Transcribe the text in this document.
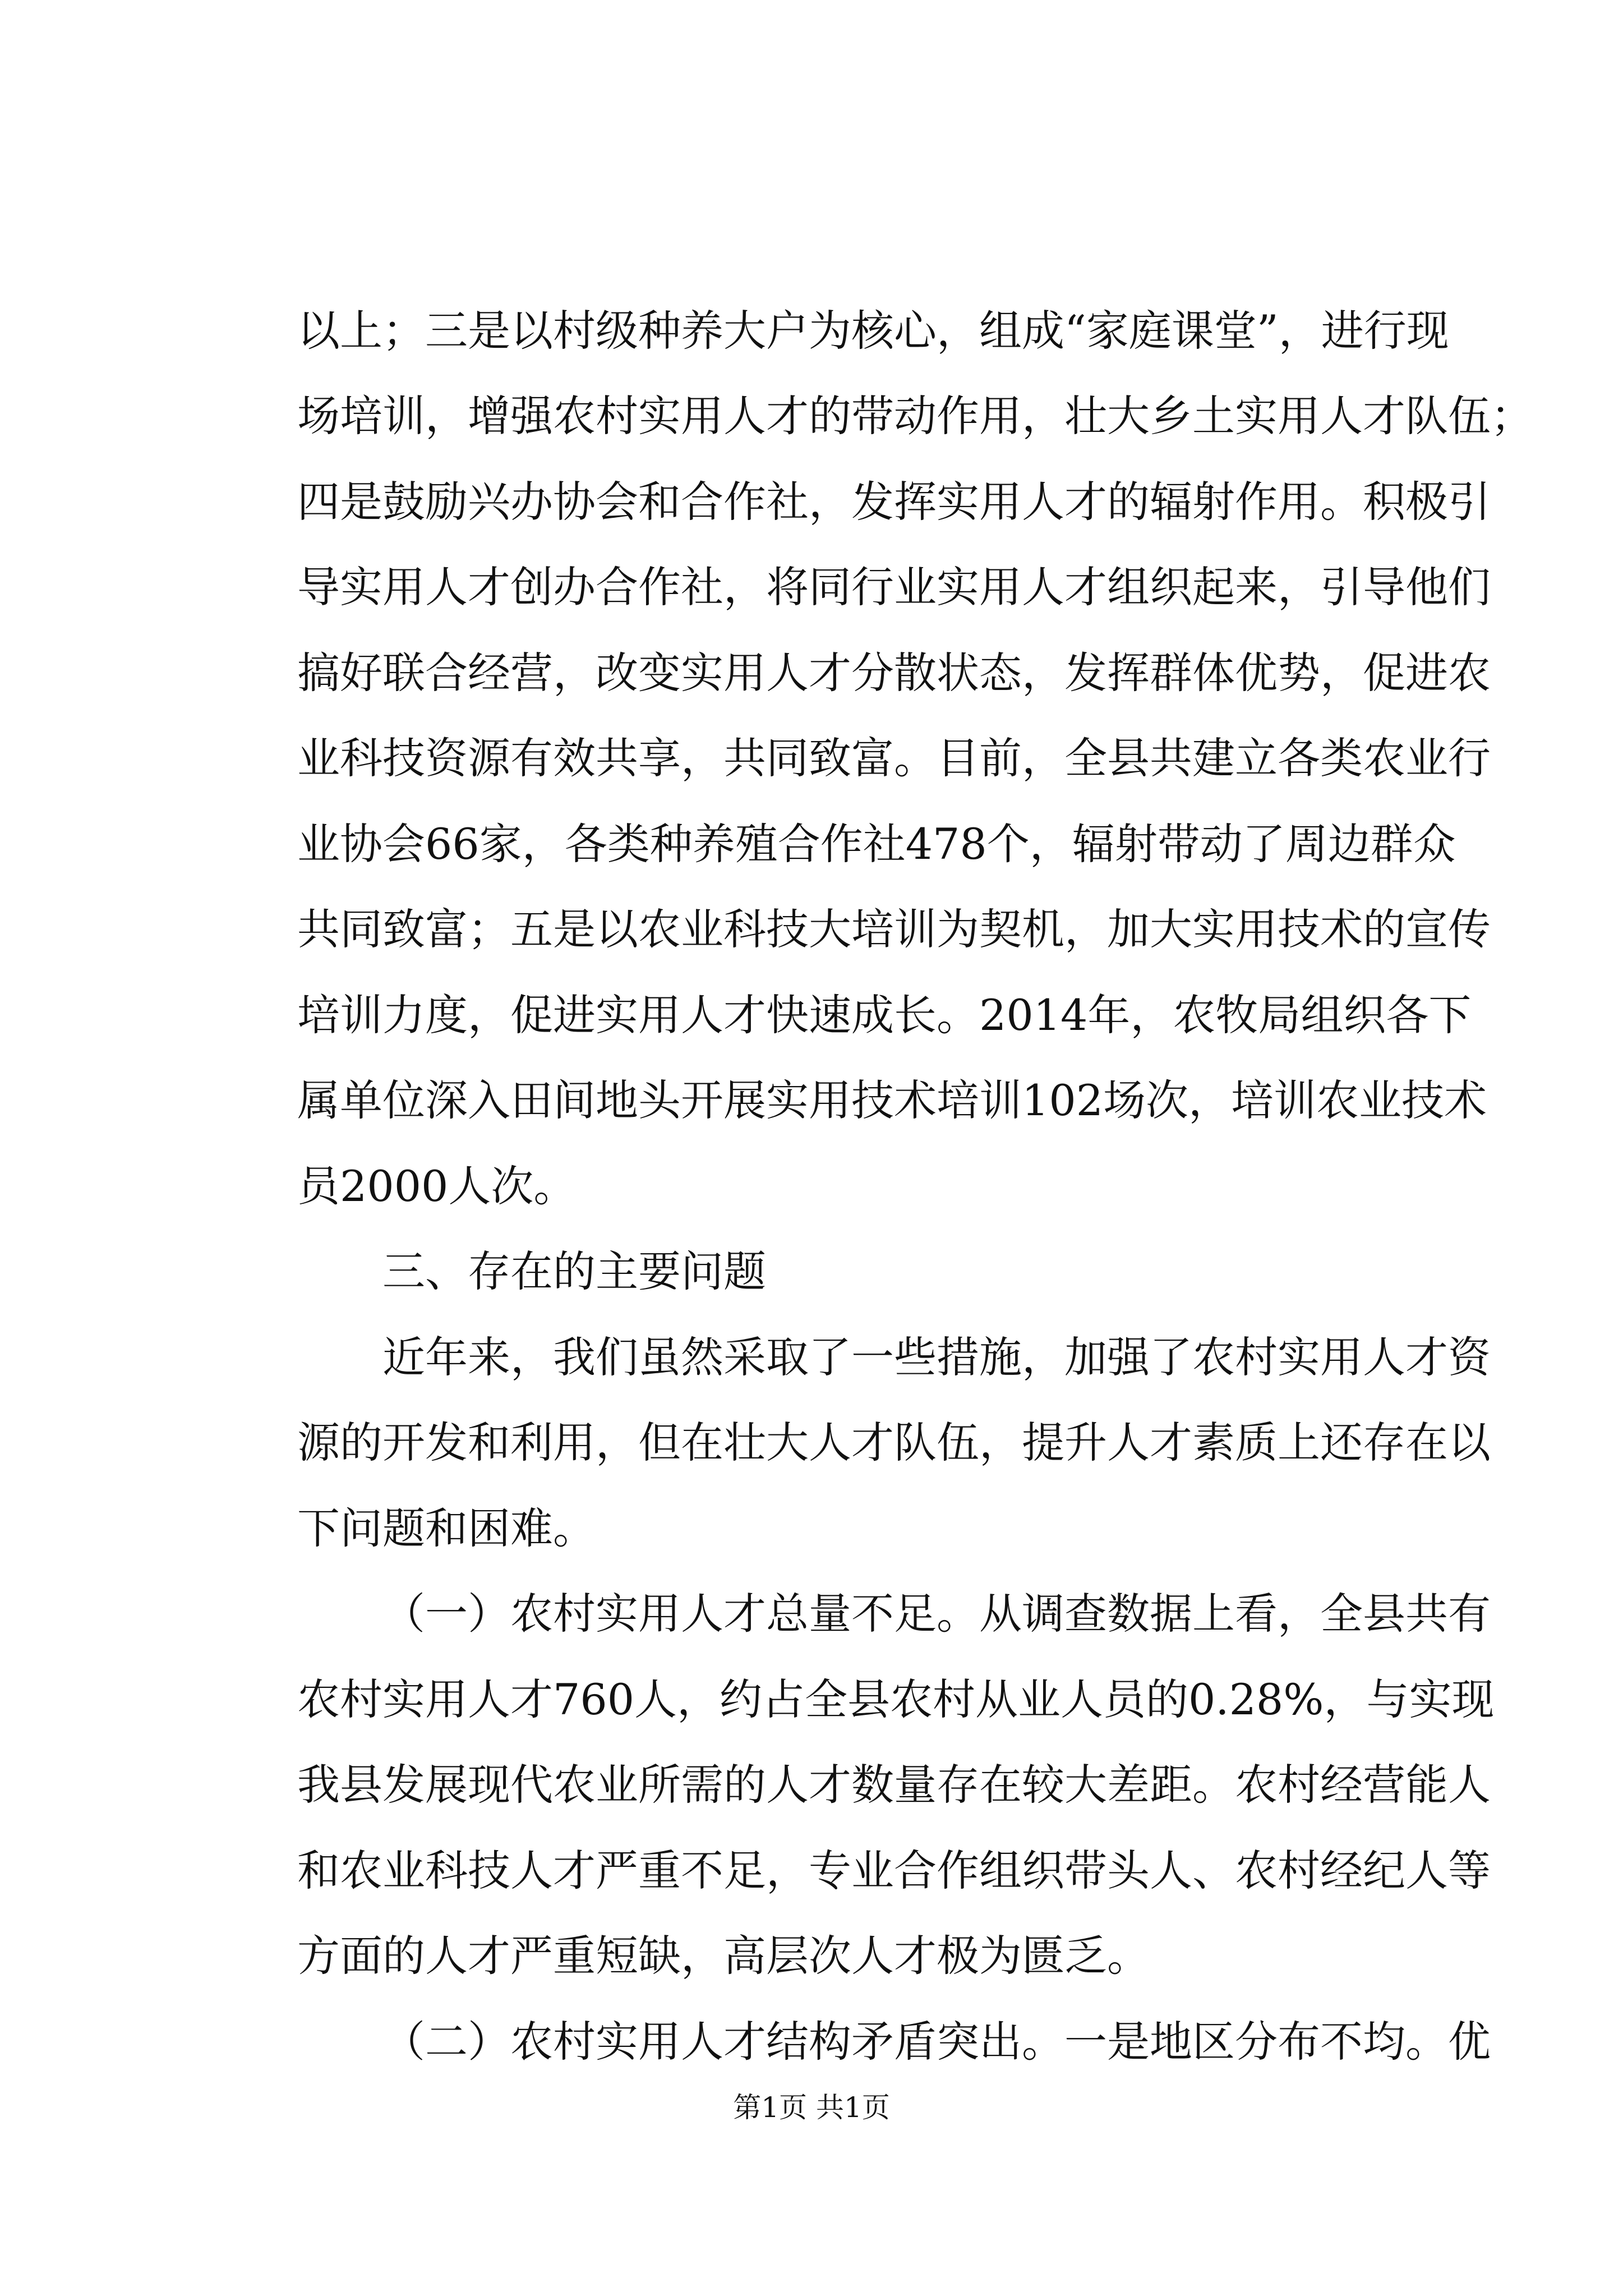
以上；三是以村级种养大户为核心，组成“家庭课堂”，进行现
场培训，增强农村实用人才的带动作用，壮大乡土实用人才队伍；
四是鼓励兴办协会和合作社，发挥实用人才的辐射作用。积极引
导实用人才创办合作社，将同行业实用人才组织起来，引导他们
搞好联合经营，改变实用人才分散状态，发挥群体优势，促进农
业科技资源有效共享，共同致富。目前，全县共建立各类农业行
业协会66家，各类种养殖合作社478个，辐射带动了周边群众
共同致富；五是以农业科技大培训为契机，加大实用技术的宣传
培训力度，促进实用人才快速成长。2014年，农牧局组织各下
属单位深入田间地头开展实用技术培训102场次，培训农业技术
员2000人次。
三、存在的主要问题
近年来，我们虽然采取了一些措施，加强了农村实用人才资
源的开发和利用，但在壮大人才队伍，提升人才素质上还存在以
下问题和困难。
（一）农村实用人才总量不足。从调查数据上看，全县共有
农村实用人才760人，约占全县农村从业人员的0.28%，与实现
我县发展现代农业所需的人才数量存在较大差距。农村经营能人
和农业科技人才严重不足，专业合作组织带头人、农村经纪人等
方面的人才严重短缺，高层次人才极为匮乏。
（二）农村实用人才结构矛盾突出。一是地区分布不均。优
第1页 共1页
